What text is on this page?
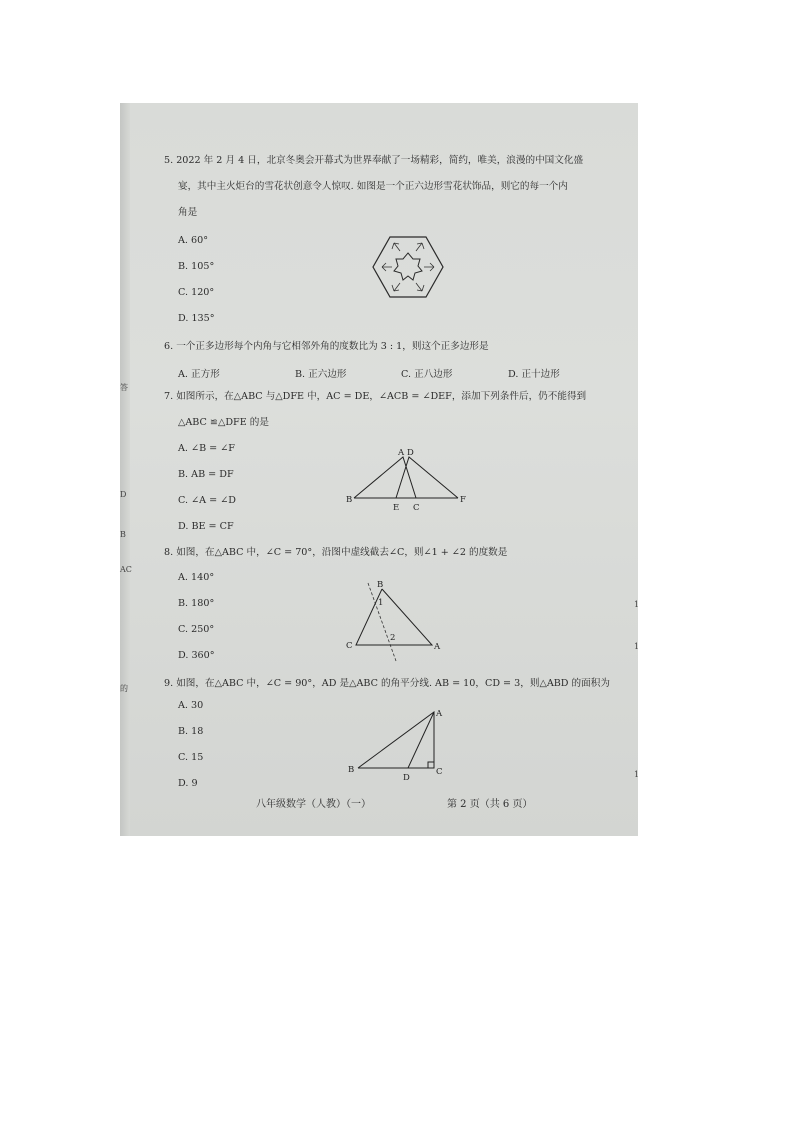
5. 2022 年 2 月 4 日，北京冬奥会开幕式为世界奉献了一场精彩，简约，唯美，浪漫的中国文化盛
宴，其中主火炬台的雪花状创意令人惊叹. 如图是一个正六边形雪花状饰品，则它的每一个内
角是
A. 60°
B. 105°
C. 120°
D. 135°
6. 一个正多边形每个内角与它相邻外角的度数比为 3 : 1，则这个正多边形是
A. 正方形	B. 正六边形	C. 正八边形	D. 正十边形
7. 如图所示，在△ABC 与△DFE 中，AC = DE，∠ACB = ∠DEF，添加下列条件后，仍不能得到
△ABC ≌△DFE 的是
A. ∠B = ∠F
B. AB = DF
C. ∠A = ∠D
D. BE = CF
A D
B
E C
F
8. 如图，在△ABC 中，∠C = 70°，沿图中虚线截去∠C，则∠1 + ∠2 的度数是
A. 140°
B. 180°
C. 250°
D. 360°
B
C	A
1
2
9. 如图，在△ABC 中，∠C = 90°，AD 是△ABC 的角平分线. AB = 10，CD = 3，则△ABD 的面积为
A. 30
B. 18
C. 15
D. 9
A
B
D
C
八年级数学（人教）（一）	第 2 页（共 6 页）
答
D
B
AC
的
1
1
1
